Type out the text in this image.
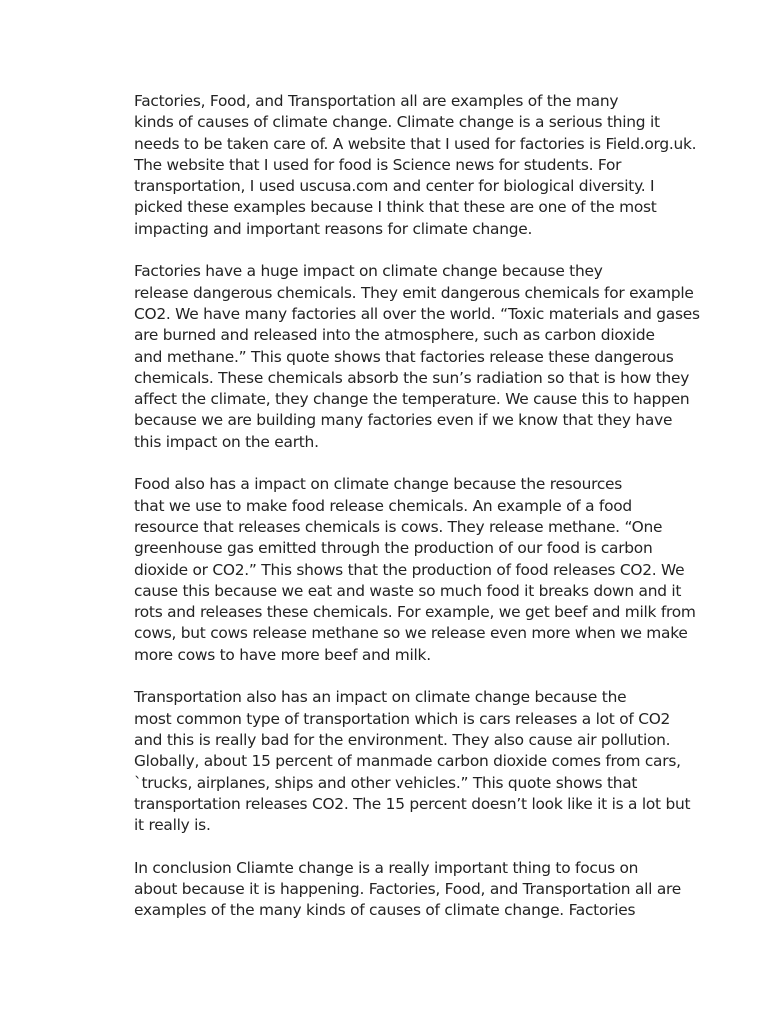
Factories, Food, and Transportation all are examples of the many
kinds of causes of climate change. Climate change is a serious thing it
needs to be taken care of. A website that I used for factories is Field.org.uk.
The website that I used for food is Science news for students. For
transportation, I used uscusa.com and center for biological diversity. I
picked these examples because I think that these are one of the most
impacting and important reasons for climate change.

Factories have a huge impact on climate change because they
release dangerous chemicals. They emit dangerous chemicals for example
CO2. We have many factories all over the world. “Toxic materials and gases
are burned and released into the atmosphere, such as carbon dioxide
and methane.” This quote shows that factories release these dangerous
chemicals. These chemicals absorb the sun’s radiation so that is how they
affect the climate, they change the temperature. We cause this to happen
because we are building many factories even if we know that they have
this impact on the earth.

Food also has a impact on climate change because the resources
that we use to make food release chemicals. An example of a food
resource that releases chemicals is cows. They release methane. “One
greenhouse gas emitted through the production of our food is carbon
dioxide or CO2.” This shows that the production of food releases CO2. We
cause this because we eat and waste so much food it breaks down and it
rots and releases these chemicals. For example, we get beef and milk from
cows, but cows release methane so we release even more when we make
more cows to have more beef and milk.

Transportation also has an impact on climate change because the
most common type of transportation which is cars releases a lot of CO2
and this is really bad for the environment. They also cause air pollution.
Globally, about 15 percent of manmade carbon dioxide comes from cars,
`trucks, airplanes, ships and other vehicles.” This quote shows that
transportation releases CO2. The 15 percent doesn’t look like it is a lot but
it really is.

In conclusion Cliamte change is a really important thing to focus on
about because it is happening. Factories, Food, and Transportation all are
examples of the many kinds of causes of climate change. Factories
